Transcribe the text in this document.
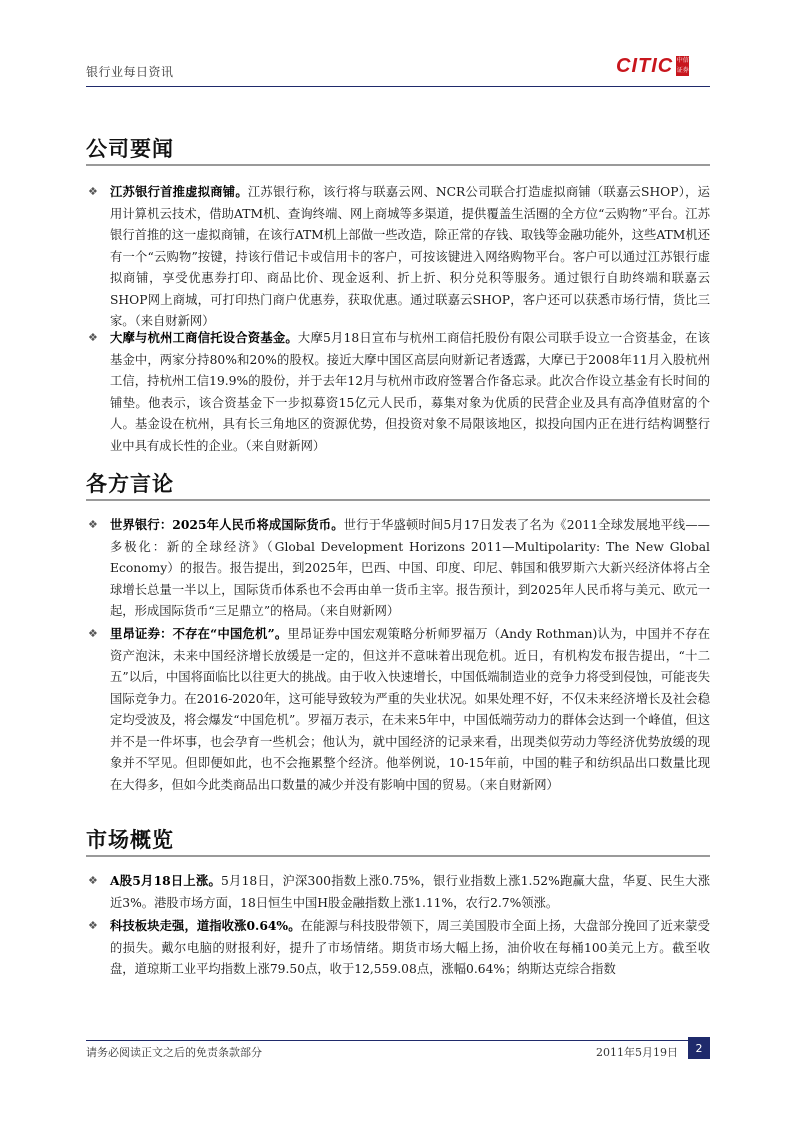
银行业每日资讯	CITIC 中信证券
公司要闻
❖ 江苏银行首推虚拟商铺。江苏银行称，该行将与联嘉云网、NCR公司联合打造虚拟商铺（联嘉云SHOP），运用计算机云技术，借助ATM机、查询终端、网上商城等多渠道，提供覆盖生活圈的全方位“云购物”平台。江苏银行首推的这一虚拟商铺，在该行ATM机上部做一些改造，除正常的存钱、取钱等金融功能外，这些ATM机还有一个“云购物”按键，持该行借记卡或信用卡的客户，可按该键进入网络购物平台。客户可以通过江苏银行虚拟商铺，享受优惠券打印、商品比价、现金返利、折上折、积分兑积等服务。通过银行自助终端和联嘉云SHOP网上商城，可打印热门商户优惠券，获取优惠。通过联嘉云SHOP，客户还可以获悉市场行情，货比三家。（来自财新网）
❖ 大摩与杭州工商信托设合资基金。大摩5月18日宣布与杭州工商信托股份有限公司联手设立一合资基金，在该基金中，两家分持80%和20%的股权。接近大摩中国区高层向财新记者透露，大摩已于2008年11月入股杭州工信，持杭州工信19.9%的股份，并于去年12月与杭州市政府签署合作备忘录。此次合作设立基金有长时间的铺垫。他表示，该合资基金下一步拟募资15亿元人民币，募集对象为优质的民营企业及具有高净值财富的个人。基金设在杭州，具有长三角地区的资源优势，但投资对象不局限该地区，拟投向国内正在进行结构调整行业中具有成长性的企业。（来自财新网）
各方言论
❖ 世界银行：2025年人民币将成国际货币。世行于华盛顿时间5月17日发表了名为《2011全球发展地平线——多极化：新的全球经济》（Global Development Horizons 2011—Multipolarity: The New Global Economy）的报告。报告提出，到2025年，巴西、中国、印度、印尼、韩国和俄罗斯六大新兴经济体将占全球增长总量一半以上，国际货币体系也不会再由单一货币主宰。报告预计，到2025年人民币将与美元、欧元一起，形成国际货币“三足鼎立”的格局。（来自财新网）
❖ 里昂证券：不存在“中国危机”。里昂证券中国宏观策略分析师罗福万（Andy Rothman)认为，中国并不存在资产泡沫，未来中国经济增长放缓是一定的，但这并不意味着出现危机。近日，有机构发布报告提出，“十二五”以后，中国将面临比以往更大的挑战。由于收入快速增长，中国低端制造业的竞争力将受到侵蚀，可能丧失国际竞争力。在2016-2020年，这可能导致较为严重的失业状况。如果处理不好，不仅未来经济增长及社会稳定均受波及，将会爆发“中国危机”。罗福万表示，在未来5年中，中国低端劳动力的群体会达到一个峰值，但这并不是一件坏事，也会孕育一些机会；他认为，就中国经济的记录来看，出现类似劳动力等经济优势放缓的现象并不罕见。但即便如此，也不会拖累整个经济。他举例说，10-15年前，中国的鞋子和纺织品出口数量比现在大得多，但如今此类商品出口数量的减少并没有影响中国的贸易。（来自财新网）
市场概览
❖ A股5月18日上涨。5月18日，沪深300指数上涨0.75%，银行业指数上涨1.52%跑赢大盘，华夏、民生大涨近3%。港股市场方面，18日恒生中国H股金融指数上涨1.11%，农行2.7%领涨。
❖ 科技板块走强，道指收涨0.64%。在能源与科技股带领下，周三美国股市全面上扬，大盘部分挽回了近来蒙受的损失。戴尔电脑的财报利好，提升了市场情绪。期货市场大幅上扬，油价收在每桶100美元上方。截至收盘，道琼斯工业平均指数上涨79.50点，收于12,559.08点，涨幅0.64%；纳斯达克综合指数
请务必阅读正文之后的免责条款部分	2011年5月19日	2
